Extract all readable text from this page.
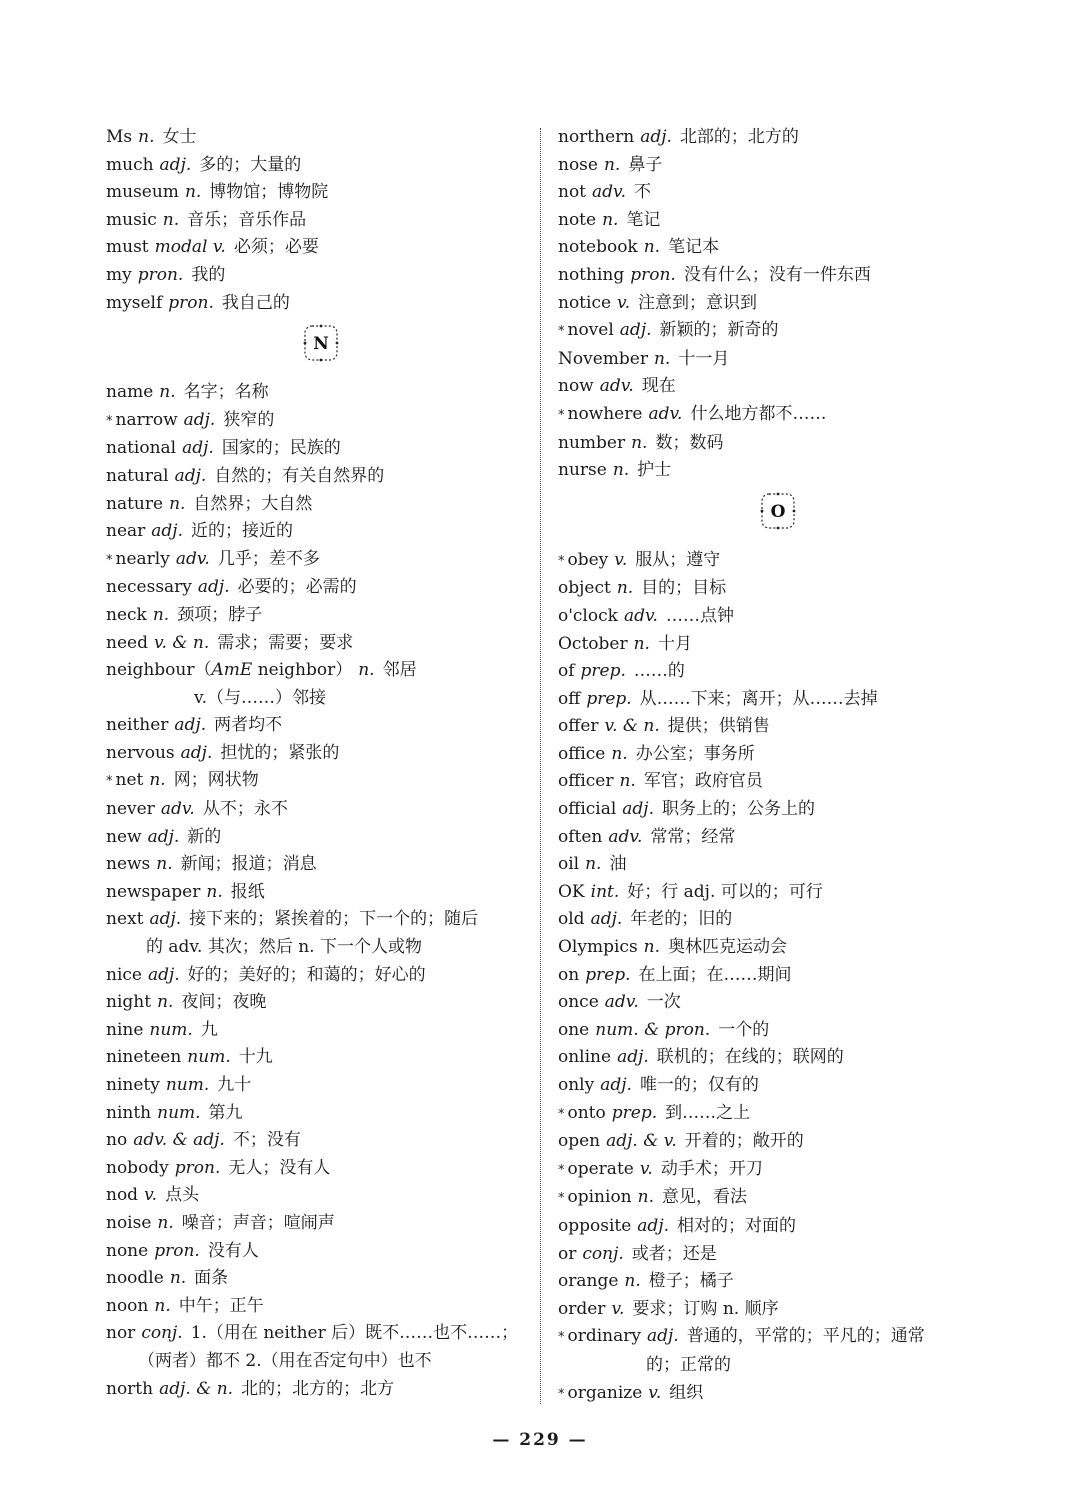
Ms n. 女士
much adj. 多的；大量的
museum n. 博物馆；博物院
music n. 音乐；音乐作品
must modal v. 必须；必要
my pron. 我的
myself pron. 我自己的
N
name n. 名字；名称
* narrow adj. 狭窄的
national adj. 国家的；民族的
natural adj. 自然的；有关自然界的
nature n. 自然界；大自然
near adj. 近的；接近的
* nearly adv. 几乎；差不多
necessary adj. 必要的；必需的
neck n. 颈项；脖子
need v. & n. 需求；需要；要求
neighbour（AmE neighbor） n. 邻居
v.（与……）邻接
neither adj. 两者均不
nervous adj. 担忧的；紧张的
* net n. 网；网状物
never adv. 从不；永不
new adj. 新的
news n. 新闻；报道；消息
newspaper n. 报纸
next adj. 接下来的；紧挨着的；下一个的；随后
的 adv. 其次；然后 n. 下一个人或物
nice adj. 好的；美好的；和蔼的；好心的
night n. 夜间；夜晚
nine num. 九
nineteen num. 十九
ninety num. 九十
ninth num. 第九
no adv. & adj. 不；没有
nobody pron. 无人；没有人
nod v. 点头
noise n. 噪音；声音；喧闹声
none pron. 没有人
noodle n. 面条
noon n. 中午；正午
nor conj. 1.（用在 neither 后）既不……也不……；
（两者）都不 2.（用在否定句中）也不
north adj. & n. 北的；北方的；北方
northern adj. 北部的；北方的
nose n. 鼻子
not adv. 不
note n. 笔记
notebook n. 笔记本
nothing pron. 没有什么；没有一件东西
notice v. 注意到；意识到
* novel adj. 新颖的；新奇的
November n. 十一月
now adv. 现在
* nowhere adv. 什么地方都不……
number n. 数；数码
nurse n. 护士
O
* obey v. 服从；遵守
object n. 目的；目标
o'clock adv. ……点钟
October n. 十月
of prep. ……的
off prep. 从……下来；离开；从……去掉
offer v. & n. 提供；供销售
office n. 办公室；事务所
officer n. 军官；政府官员
official adj. 职务上的；公务上的
often adv. 常常；经常
oil n. 油
OK int. 好；行 adj. 可以的；可行
old adj. 年老的；旧的
Olympics n. 奥林匹克运动会
on prep. 在上面；在……期间
once adv. 一次
one num. & pron. 一个的
online adj. 联机的；在线的；联网的
only adj. 唯一的；仅有的
* onto prep. 到……之上
open adj. & v. 开着的；敞开的
* operate v. 动手术；开刀
* opinion n. 意见，看法
opposite adj. 相对的；对面的
or conj. 或者；还是
orange n. 橙子；橘子
order v. 要求；订购 n. 顺序
* ordinary adj. 普通的，平常的；平凡的；通常
的；正常的
* organize v. 组织
— 229 —
